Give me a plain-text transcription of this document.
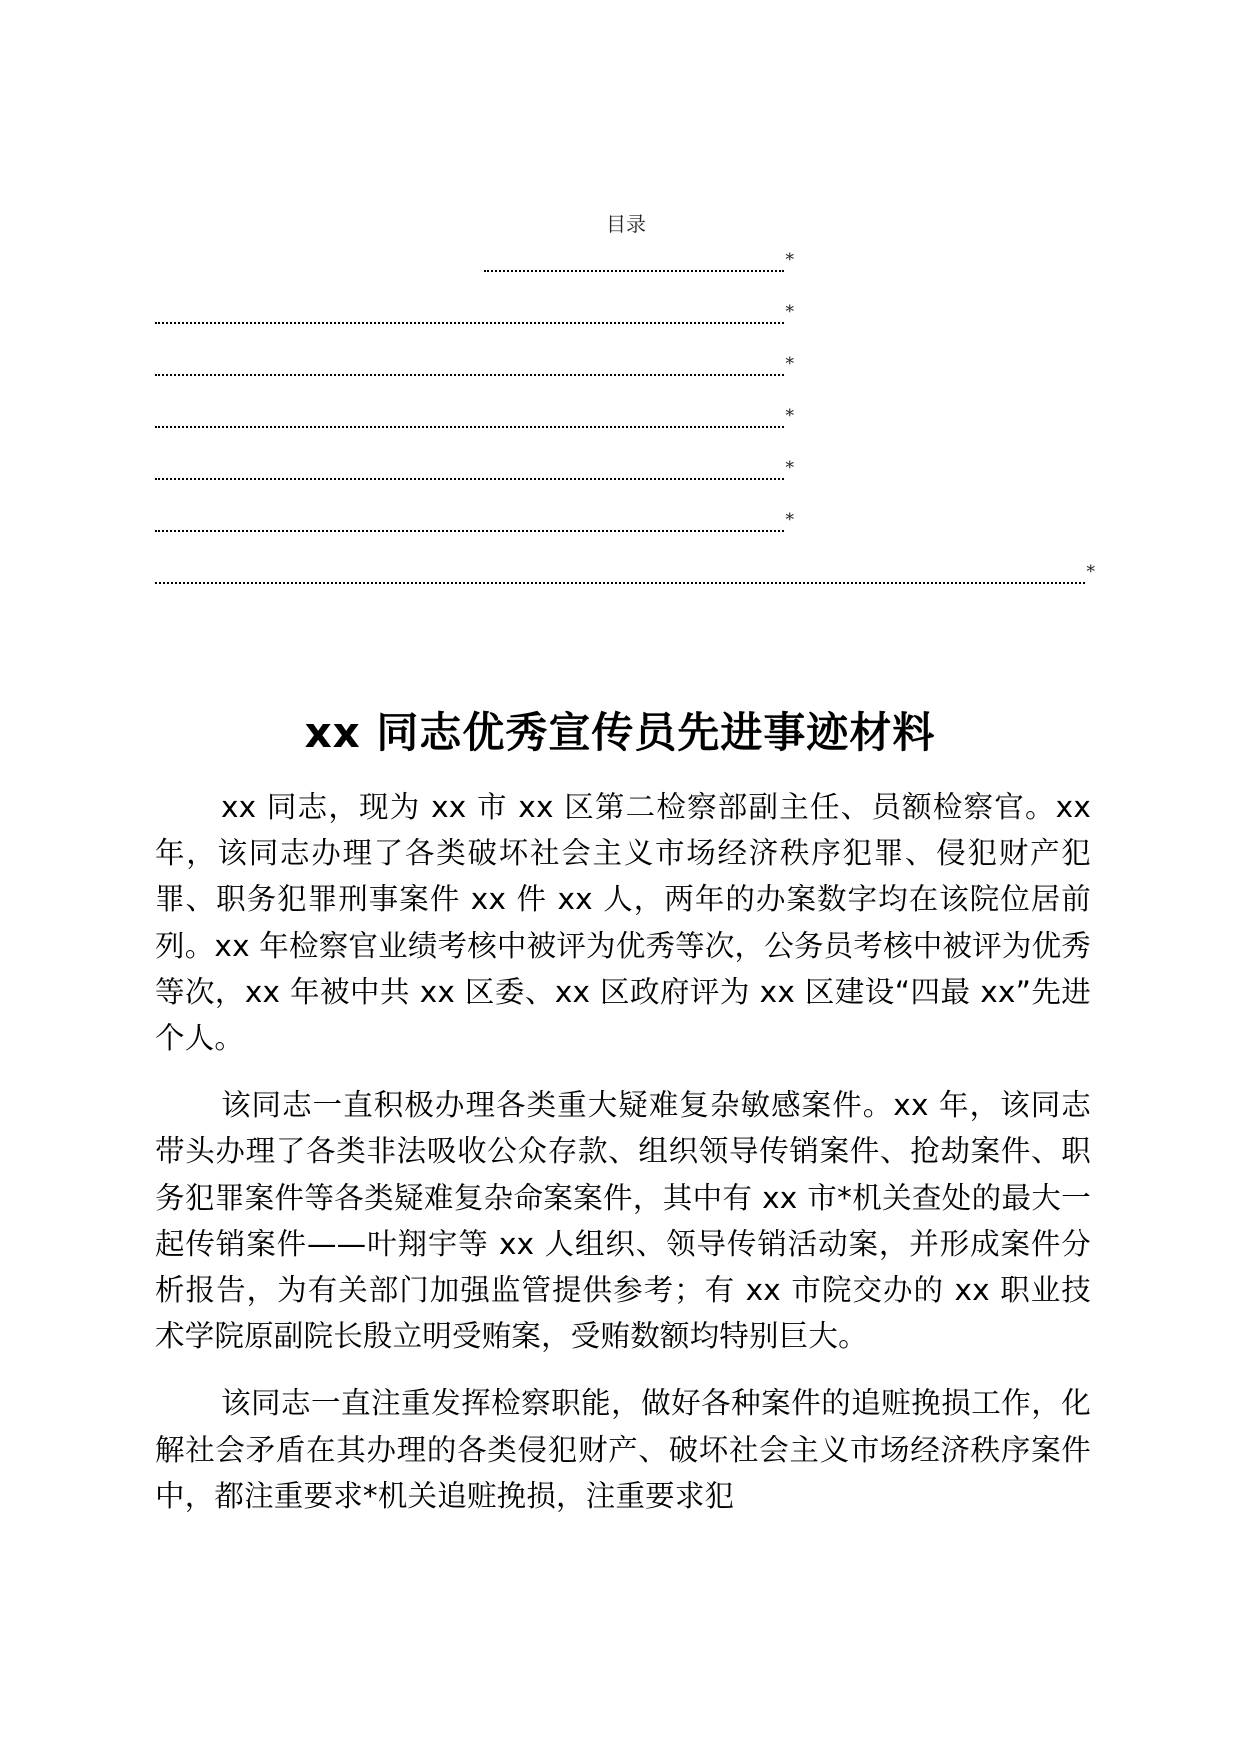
目录
*
*
*
*
*
*
*
xx 同志优秀宣传员先进事迹材料

xx 同志，现为 xx 市 xx 区第二检察部副主任、员额检察官。xx 年，该同志办理了各类破坏社会主义市场经济秩序犯罪、侵犯财产犯罪、职务犯罪刑事案件 xx 件 xx 人，两年的办案数字均在该院位居前列。xx 年检察官业绩考核中被评为优秀等次，公务员考核中被评为优秀等次，xx 年被中共 xx 区委、xx 区政府评为 xx 区建设“四最 xx”先进个人。

该同志一直积极办理各类重大疑难复杂敏感案件。xx 年，该同志带头办理了各类非法吸收公众存款、组织领导传销案件、抢劫案件、职务犯罪案件等各类疑难复杂命案案件，其中有 xx 市*机关查处的最大一起传销案件——叶翔宇等 xx 人组织、领导传销活动案，并形成案件分析报告，为有关部门加强监管提供参考；有 xx 市院交办的 xx 职业技术学院原副院长殷立明受贿案，受贿数额均特别巨大。

该同志一直注重发挥检察职能，做好各种案件的追赃挽损工作，化解社会矛盾在其办理的各类侵犯财产、破坏社会主义市场经济秩序案件中，都注重要求*机关追赃挽损，注重要求犯
